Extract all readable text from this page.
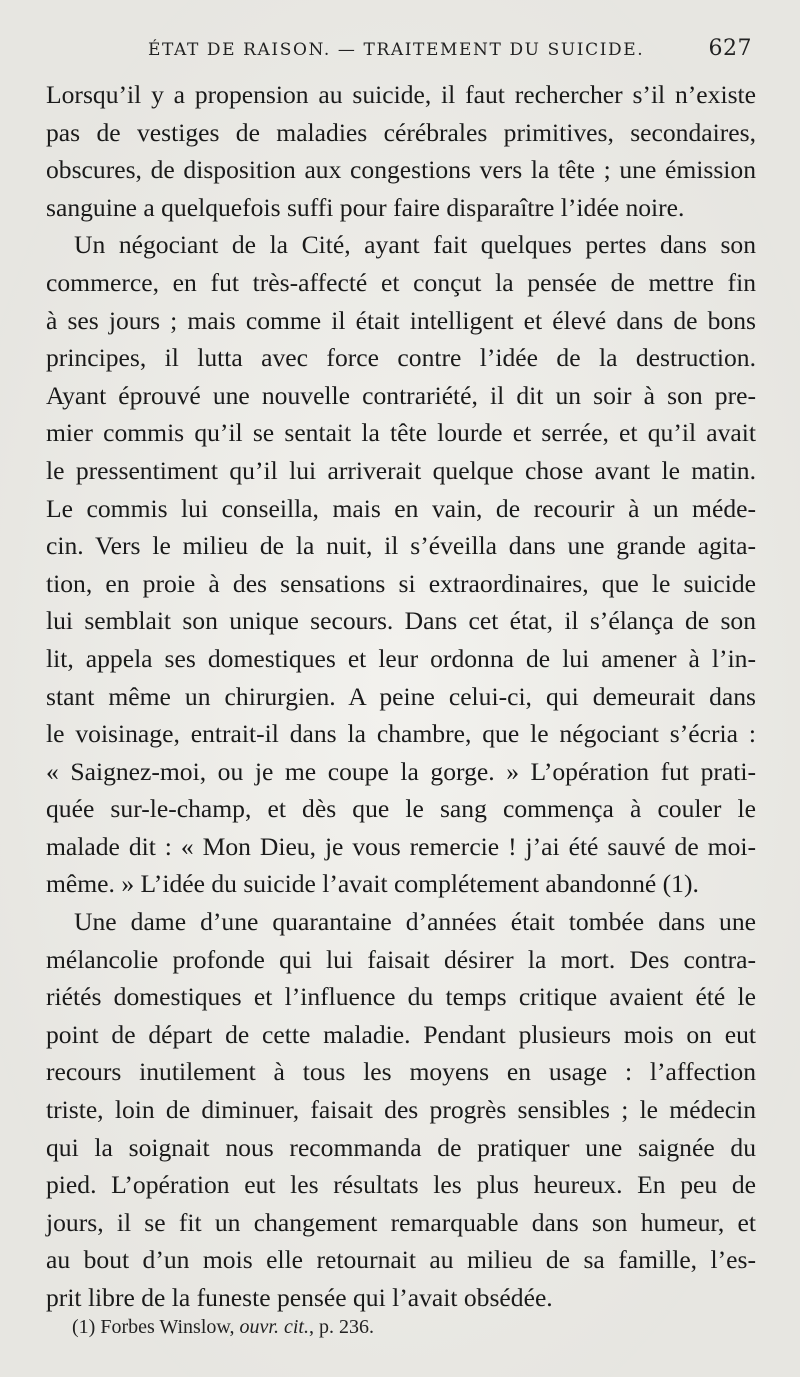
ÉTAT DE RAISON. — TRAITEMENT DU SUICIDE.	627
Lorsqu’il y a propension au suicide, il faut rechercher s’il n’existe
pas de vestiges de maladies cérébrales primitives, secondaires,
obscures, de disposition aux congestions vers la tête ; une émission
sanguine a quelquefois suffi pour faire disparaître l’idée noire.
Un négociant de la Cité, ayant fait quelques pertes dans son
commerce, en fut très-affecté et conçut la pensée de mettre fin
à ses jours ; mais comme il était intelligent et élevé dans de bons
principes, il lutta avec force contre l’idée de la destruction.
Ayant éprouvé une nouvelle contrariété, il dit un soir à son pre-
mier commis qu’il se sentait la tête lourde et serrée, et qu’il avait
le pressentiment qu’il lui arriverait quelque chose avant le matin.
Le commis lui conseilla, mais en vain, de recourir à un méde-
cin. Vers le milieu de la nuit, il s’éveilla dans une grande agita-
tion, en proie à des sensations si extraordinaires, que le suicide
lui semblait son unique secours. Dans cet état, il s’élança de son
lit, appela ses domestiques et leur ordonna de lui amener à l’in-
stant même un chirurgien. A peine celui-ci, qui demeurait dans
le voisinage, entrait-il dans la chambre, que le négociant s’écria :
« Saignez-moi, ou je me coupe la gorge. » L’opération fut prati-
quée sur-le-champ, et dès que le sang commença à couler le
malade dit : « Mon Dieu, je vous remercie ! j’ai été sauvé de moi-
même. » L’idée du suicide l’avait complétement abandonné (1).
Une dame d’une quarantaine d’années était tombée dans une
mélancolie profonde qui lui faisait désirer la mort. Des contra-
riétés domestiques et l’influence du temps critique avaient été le
point de départ de cette maladie. Pendant plusieurs mois on eut
recours inutilement à tous les moyens en usage : l’affection
triste, loin de diminuer, faisait des progrès sensibles ; le médecin
qui la soignait nous recommanda de pratiquer une saignée du
pied. L’opération eut les résultats les plus heureux. En peu de
jours, il se fit un changement remarquable dans son humeur, et
au bout d’un mois elle retournait au milieu de sa famille, l’es-
prit libre de la funeste pensée qui l’avait obsédée.
(1) Forbes Winslow, ouvr. cit., p. 236.
